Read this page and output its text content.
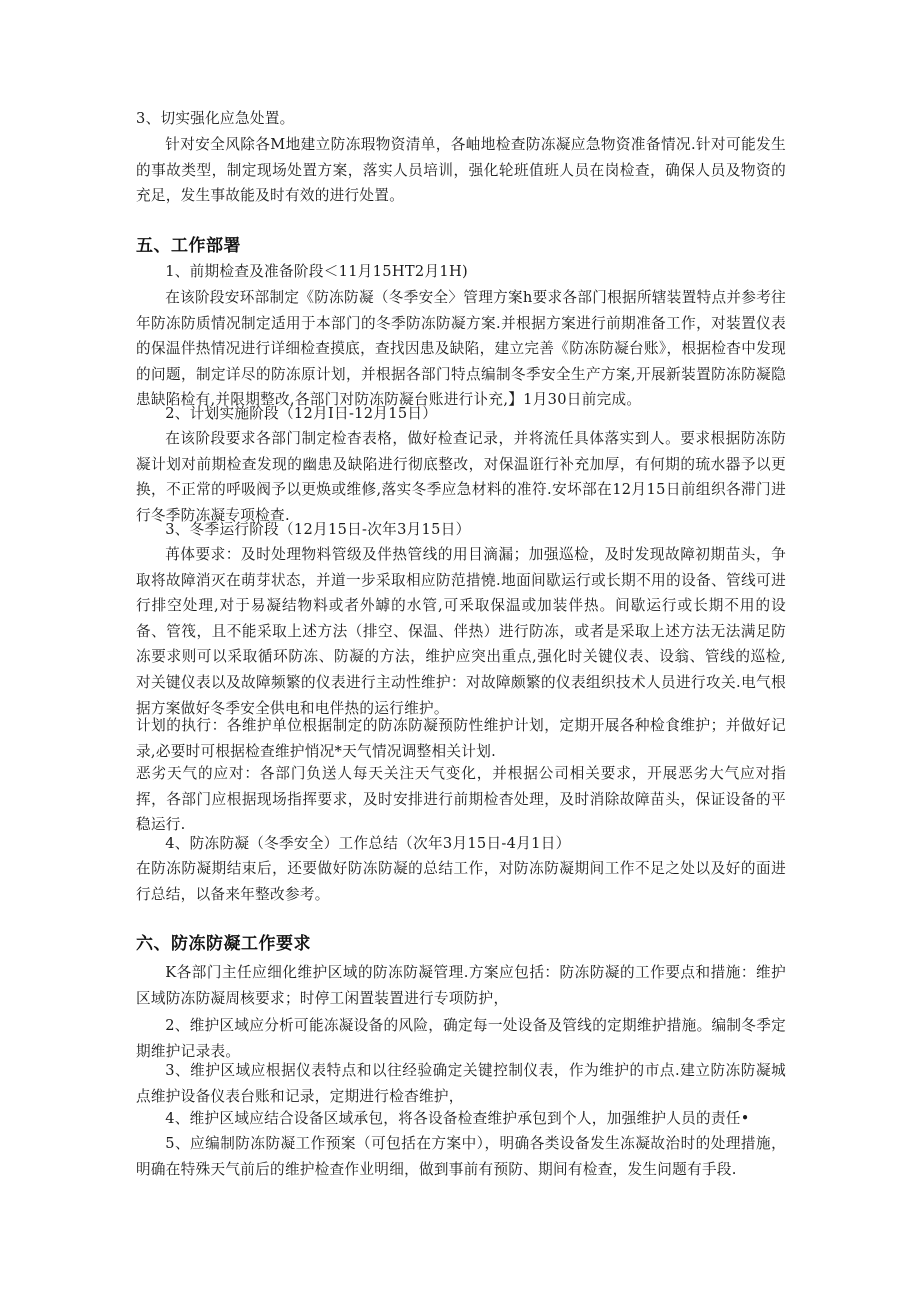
3、切实强化应急处置。

针对安全风除各M地建立防冻瑕物资清单，各岫地检查防冻凝应急物资准备情况.针对可能发生的事故类型，制定现场处置方案，落实人员培训，强化轮班值班人员在岗检查，确保人员及物资的充足，发生事故能及时有效的进行处置。

五、工作部署

1、前期检查及准备阶段＜11月15HT2月1H)

在该阶段安环部制定《防冻防凝（冬季安全〉管理方案h要求各部门根据所辖装置特点并参考往年防冻防质情况制定适用于本部门的冬季防冻防凝方案.并根据方案进行前期准备工作，对装置仪表的保温伴热情况进行详细检查摸底，查找因患及缺陷，建立完善《防冻防凝台账》，根据检杳中发现的问题，制定详尽的防冻原计划，并根据各部门特点编制冬季安全生产方案,开展新装置防冻防凝隐患缺陷检有,并限期整改,各部门对防冻防凝台账进行讣充,】1月30日前完成。

2、计划实施阶段（12月I日-12月15日）

在该阶段要求各部门制定检杳表格，做好检查记录，并将流任具体落实到人。要求根据防冻防凝计划对前期检查发现的幽患及缺陷进行彻底整改，对保温诳行补充加厚，有何期的琉水器予以更换，不正常的呼吸阀予以更焕或维修,落实冬季应急材料的准符.安坏部在12月15日前组织各滞门进行冬季防冻凝专项检查.

3、冬季运行阶段（12月15日-次年3月15日）

苒体要求：及时处理物料管级及伴热管线的用目滴漏；加强巡检，及时发现故障初期苗头，争取将故障消灭在萌芽状态，并道一步采取相应防范措憢.地面间歇运行或长期不用的设备、管线可进行排空处理,对于易凝结物料或者外罅的水管,可釆取保温或加装伴热。间歇运行或长期不用的设备、管筏，且不能采取上述方法（排空、保温、伴热）进行防冻，或者是采取上述方法无法满足防冻要求则可以采取循环防冻、防凝的方法，维护应突出重点,强化时关键仪表、设翁、管线的巡检,对关键仪表以及故障频繁的仪表进行主动性维护：对故障颇繁的仪表组织技术人员进行攻关.电气根据方案做好冬季安全供电和电伴热的运行维护。

计划的执行：各维护单位根据制定的防冻防凝预防性维护计划，定期开展各种检食维护；并做好记录,必要时可根据检查维护悄况*天气情况调整相关计划.

恶劣天气的应对：各部门负送人每天关注天气变化，并根据公司相关要求，开展恶劣大气应对指挥，各部门应根据现场指挥要求，及时安排进行前期检杳处理，及时消除故障苗头，保证设备的平稳运行.

4、防冻防凝（冬季安全）工作总结（次年3月15日-4月1日）

在防冻防凝期结束后，还要做好防冻防凝的总结工作，对防冻防凝期间工作不足之处以及好的面进行总结，以备来年整改参考。

六、防冻防凝工作要求

K各部门主任应细化维护区域的防冻防凝管理.方案应包括：防冻防凝的工作要点和措施：维护区域防冻防凝周核要求；时停工闲置装置进行专项防护，

2、维护区域应分析可能冻凝设备的风险，确定每一处设备及管线的定期维护措施。编制冬季定期维护记录表。

3、维护区域应根据仪表特点和以往经验确定关键控制仪表，作为维护的市点.建立防冻防凝城点维护设备仪表台账和记录，定期进行检杳维护，

4、维护区域应结合设备区域承包，将各设备检查维护承包到个人，加强维护人员的责任•

5、应编制防冻防凝工作预案（可包括在方案中），明确各类设备发生冻凝故治时的处理措施，明确在特殊天气前后的维护检查作业明细，做到事前有预防、期间有检查，发生问题有手段.
